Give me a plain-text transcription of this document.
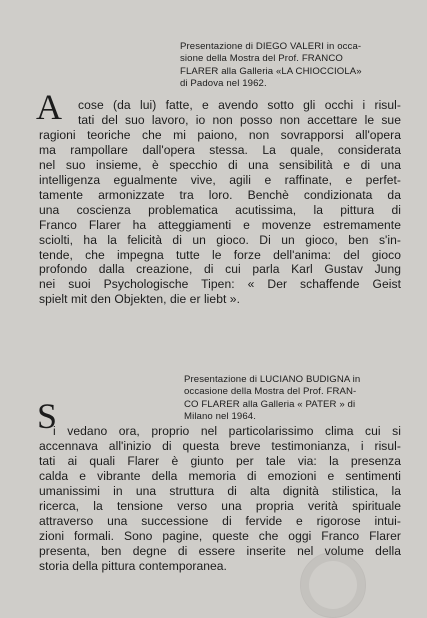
Presentazione di DIEGO VALERI in occa-
sione della Mostra del Prof. FRANCO
FLARER alla Galleria «LA CHIOCCIOLA»
di Padova nel 1962.
A	cose (da lui) fatte, e avendo sotto gli occhi i risul-
tati del suo lavoro, io non posso non accettare le sue
ragioni teoriche che mi paiono, non sovrapporsi all'opera
ma rampollare dall'opera stessa. La quale, considerata
nel suo insieme, è specchio di una sensibilità e di una
intelligenza egualmente vive, agili e raffinate, e perfet-
tamente armonizzate tra loro. Benchè condizionata da
una coscienza problematica acutissima, la pittura di
Franco Flarer ha atteggiamenti e movenze estremamente
sciolti, ha la felicità di un gioco. Di un gioco, ben s'in-
tende, che impegna tutte le forze dell'anima: del gioco
profondo dalla creazione, di cui parla Karl Gustav Jung
nei suoi Psychologische Tipen: « Der schaffende Geist
spielt mit den Objekten, die er liebt ».
Presentazione di LUCIANO BUDIGNA in
occasione della Mostra del Prof. FRAN-
CO FLARER alla Galleria « PATER » di
Milano nel 1964.
S
i vedano ora, proprio nel particolarissimo clima cui si
accennava all'inizio di questa breve testimonianza, i risul-
tati ai quali Flarer è giunto per tale via: la presenza
calda e vibrante della memoria di emozioni e sentimenti
umanissimi in una struttura di alta dignità stilistica, la
ricerca, la tensione verso una propria verità spirituale
attraverso una successione di fervide e rigorose intui-
zioni formali. Sono pagine, queste che oggi Franco Flarer
presenta, ben degne di essere inserite nel volume della
storia della pittura contemporanea.
